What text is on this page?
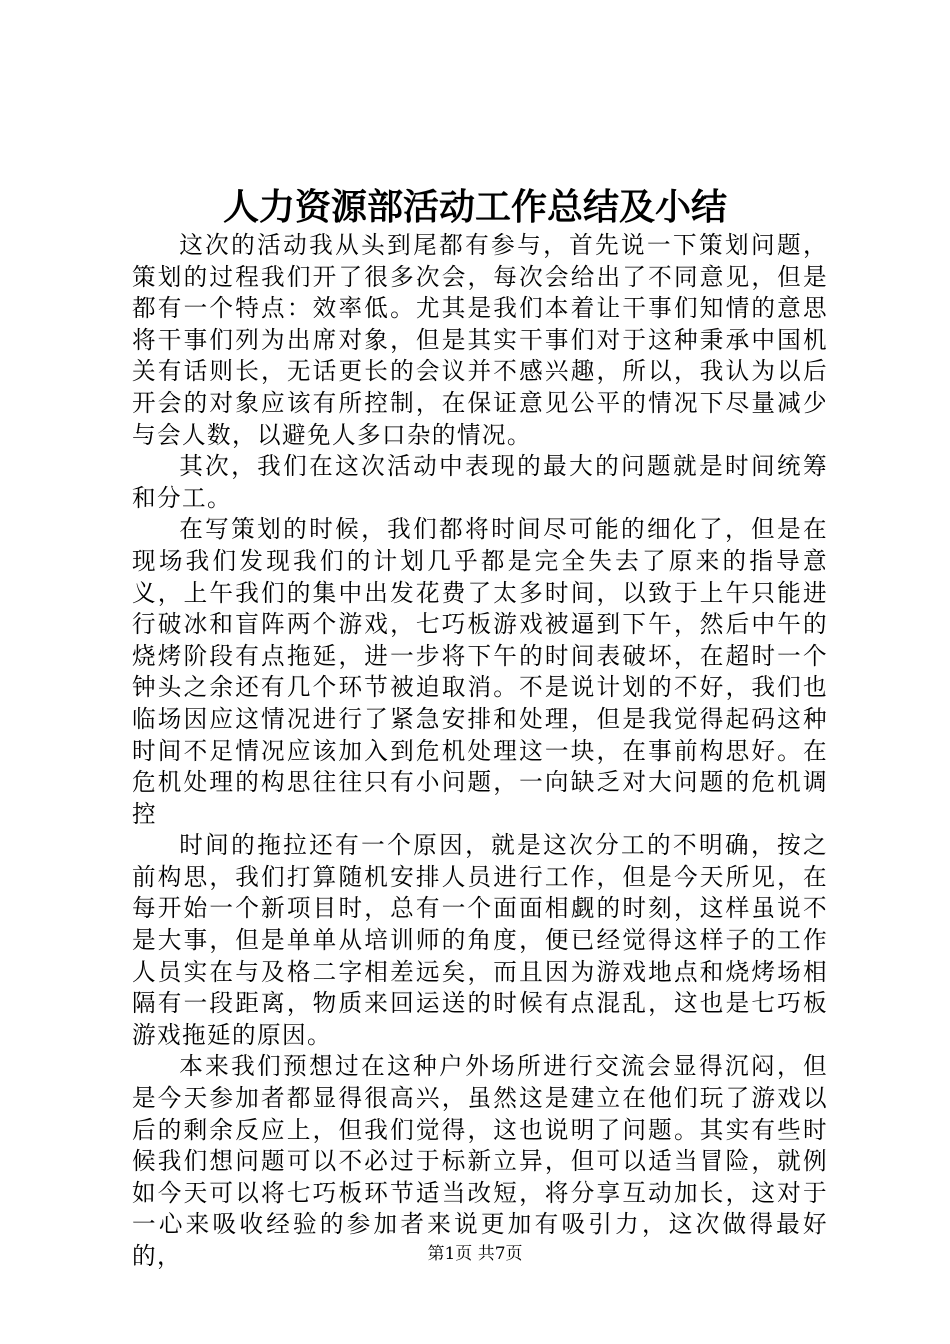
人力资源部活动工作总结及小结

这次的活动我从头到尾都有参与，首先说一下策划问题，策划的过程我们开了很多次会，每次会给出了不同意见，但是都有一个特点：效率低。尤其是我们本着让干事们知情的意思将干事们列为出席对象，但是其实干事们对于这种秉承中国机关有话则长，无话更长的会议并不感兴趣，所以，我认为以后开会的对象应该有所控制，在保证意见公平的情况下尽量减少与会人数，以避免人多口杂的情况。

其次，我们在这次活动中表现的最大的问题就是时间统筹和分工。

在写策划的时候，我们都将时间尽可能的细化了，但是在现场我们发现我们的计划几乎都是完全失去了原来的指导意义，上午我们的集中出发花费了太多时间，以致于上午只能进行破冰和盲阵两个游戏，七巧板游戏被逼到下午，然后中午的烧烤阶段有点拖延，进一步将下午的时间表破坏，在超时一个钟头之余还有几个环节被迫取消。不是说计划的不好，我们也临场因应这情况进行了紧急安排和处理，但是我觉得起码这种时间不足情况应该加入到危机处理这一块，在事前构思好。在危机处理的构思往往只有小问题，一向缺乏对大问题的危机调控

时间的拖拉还有一个原因，就是这次分工的不明确，按之前构思，我们打算随机安排人员进行工作，但是今天所见，在每开始一个新项目时，总有一个面面相觑的时刻，这样虽说不是大事，但是单单从培训师的角度，便已经觉得这样子的工作人员实在与及格二字相差远矣，而且因为游戏地点和烧烤场相隔有一段距离，物质来回运送的时候有点混乱，这也是七巧板游戏拖延的原因。

本来我们预想过在这种户外场所进行交流会显得沉闷，但是今天参加者都显得很高兴，虽然这是建立在他们玩了游戏以后的剩余反应上，但我们觉得，这也说明了问题。其实有些时候我们想问题可以不必过于标新立异，但可以适当冒险，就例如今天可以将七巧板环节适当改短，将分享互动加长，这对于一心来吸收经验的参加者来说更加有吸引力，这次做得最好的，	第1页 共7页
